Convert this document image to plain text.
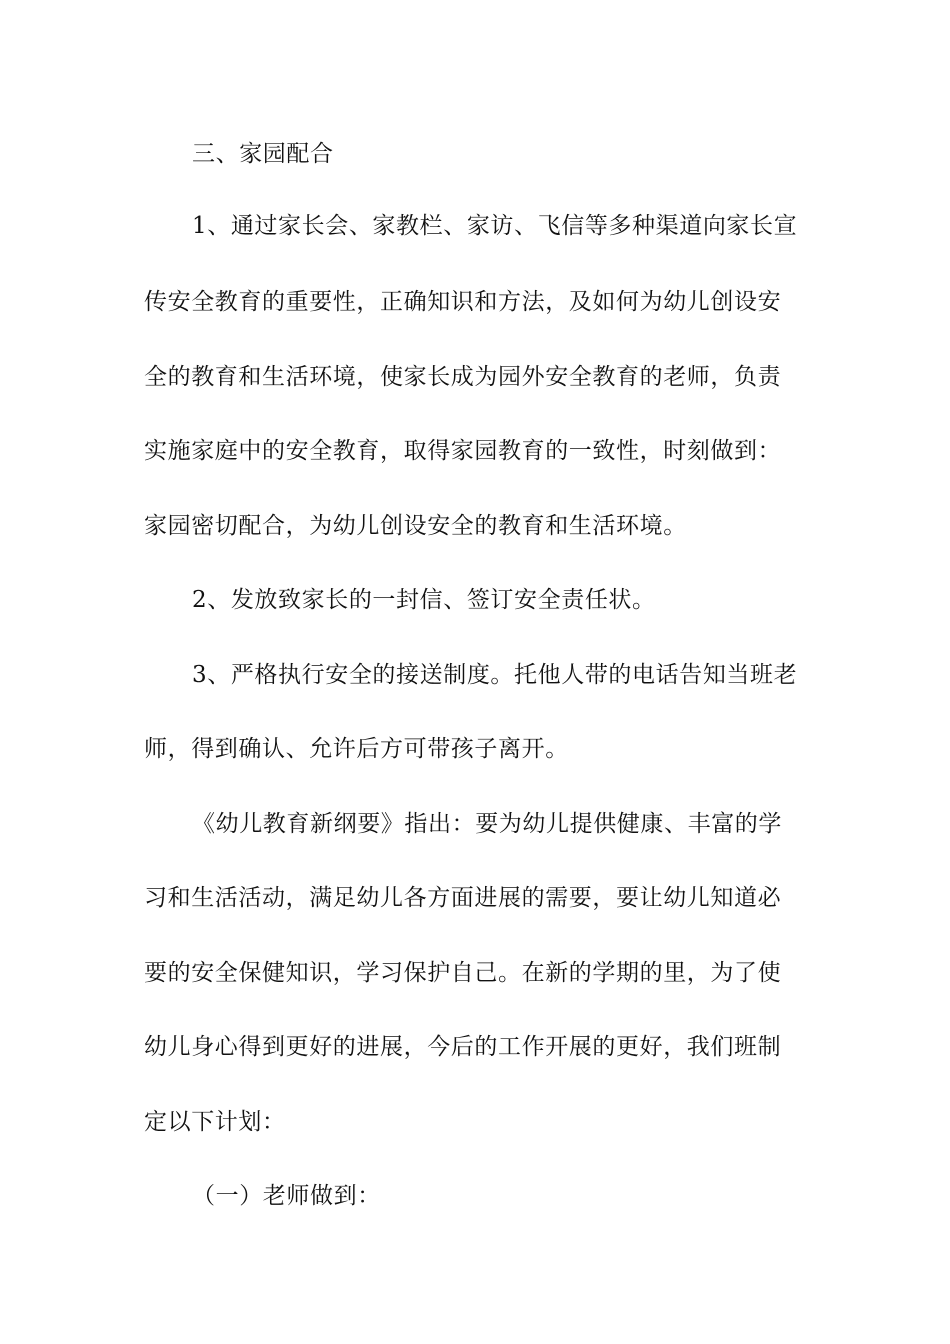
三、家园配合

1、通过家长会、家教栏、家访、飞信等多种渠道向家长宣

传安全教育的重要性，正确知识和方法，及如何为幼儿创设安

全的教育和生活环境，使家长成为园外安全教育的老师，负责

实施家庭中的安全教育，取得家园教育的一致性，时刻做到：

家园密切配合，为幼儿创设安全的教育和生活环境。

2、发放致家长的一封信、签订安全责任状。

3、严格执行安全的接送制度。托他人带的电话告知当班老

师，得到确认、允许后方可带孩子离开。

《幼儿教育新纲要》指出：要为幼儿提供健康、丰富的学

习和生活活动，满足幼儿各方面进展的需要，要让幼儿知道必

要的安全保健知识，学习保护自己。在新的学期的里，为了使

幼儿身心得到更好的进展，今后的工作开展的更好，我们班制

定以下计划：

（一）老师做到：
